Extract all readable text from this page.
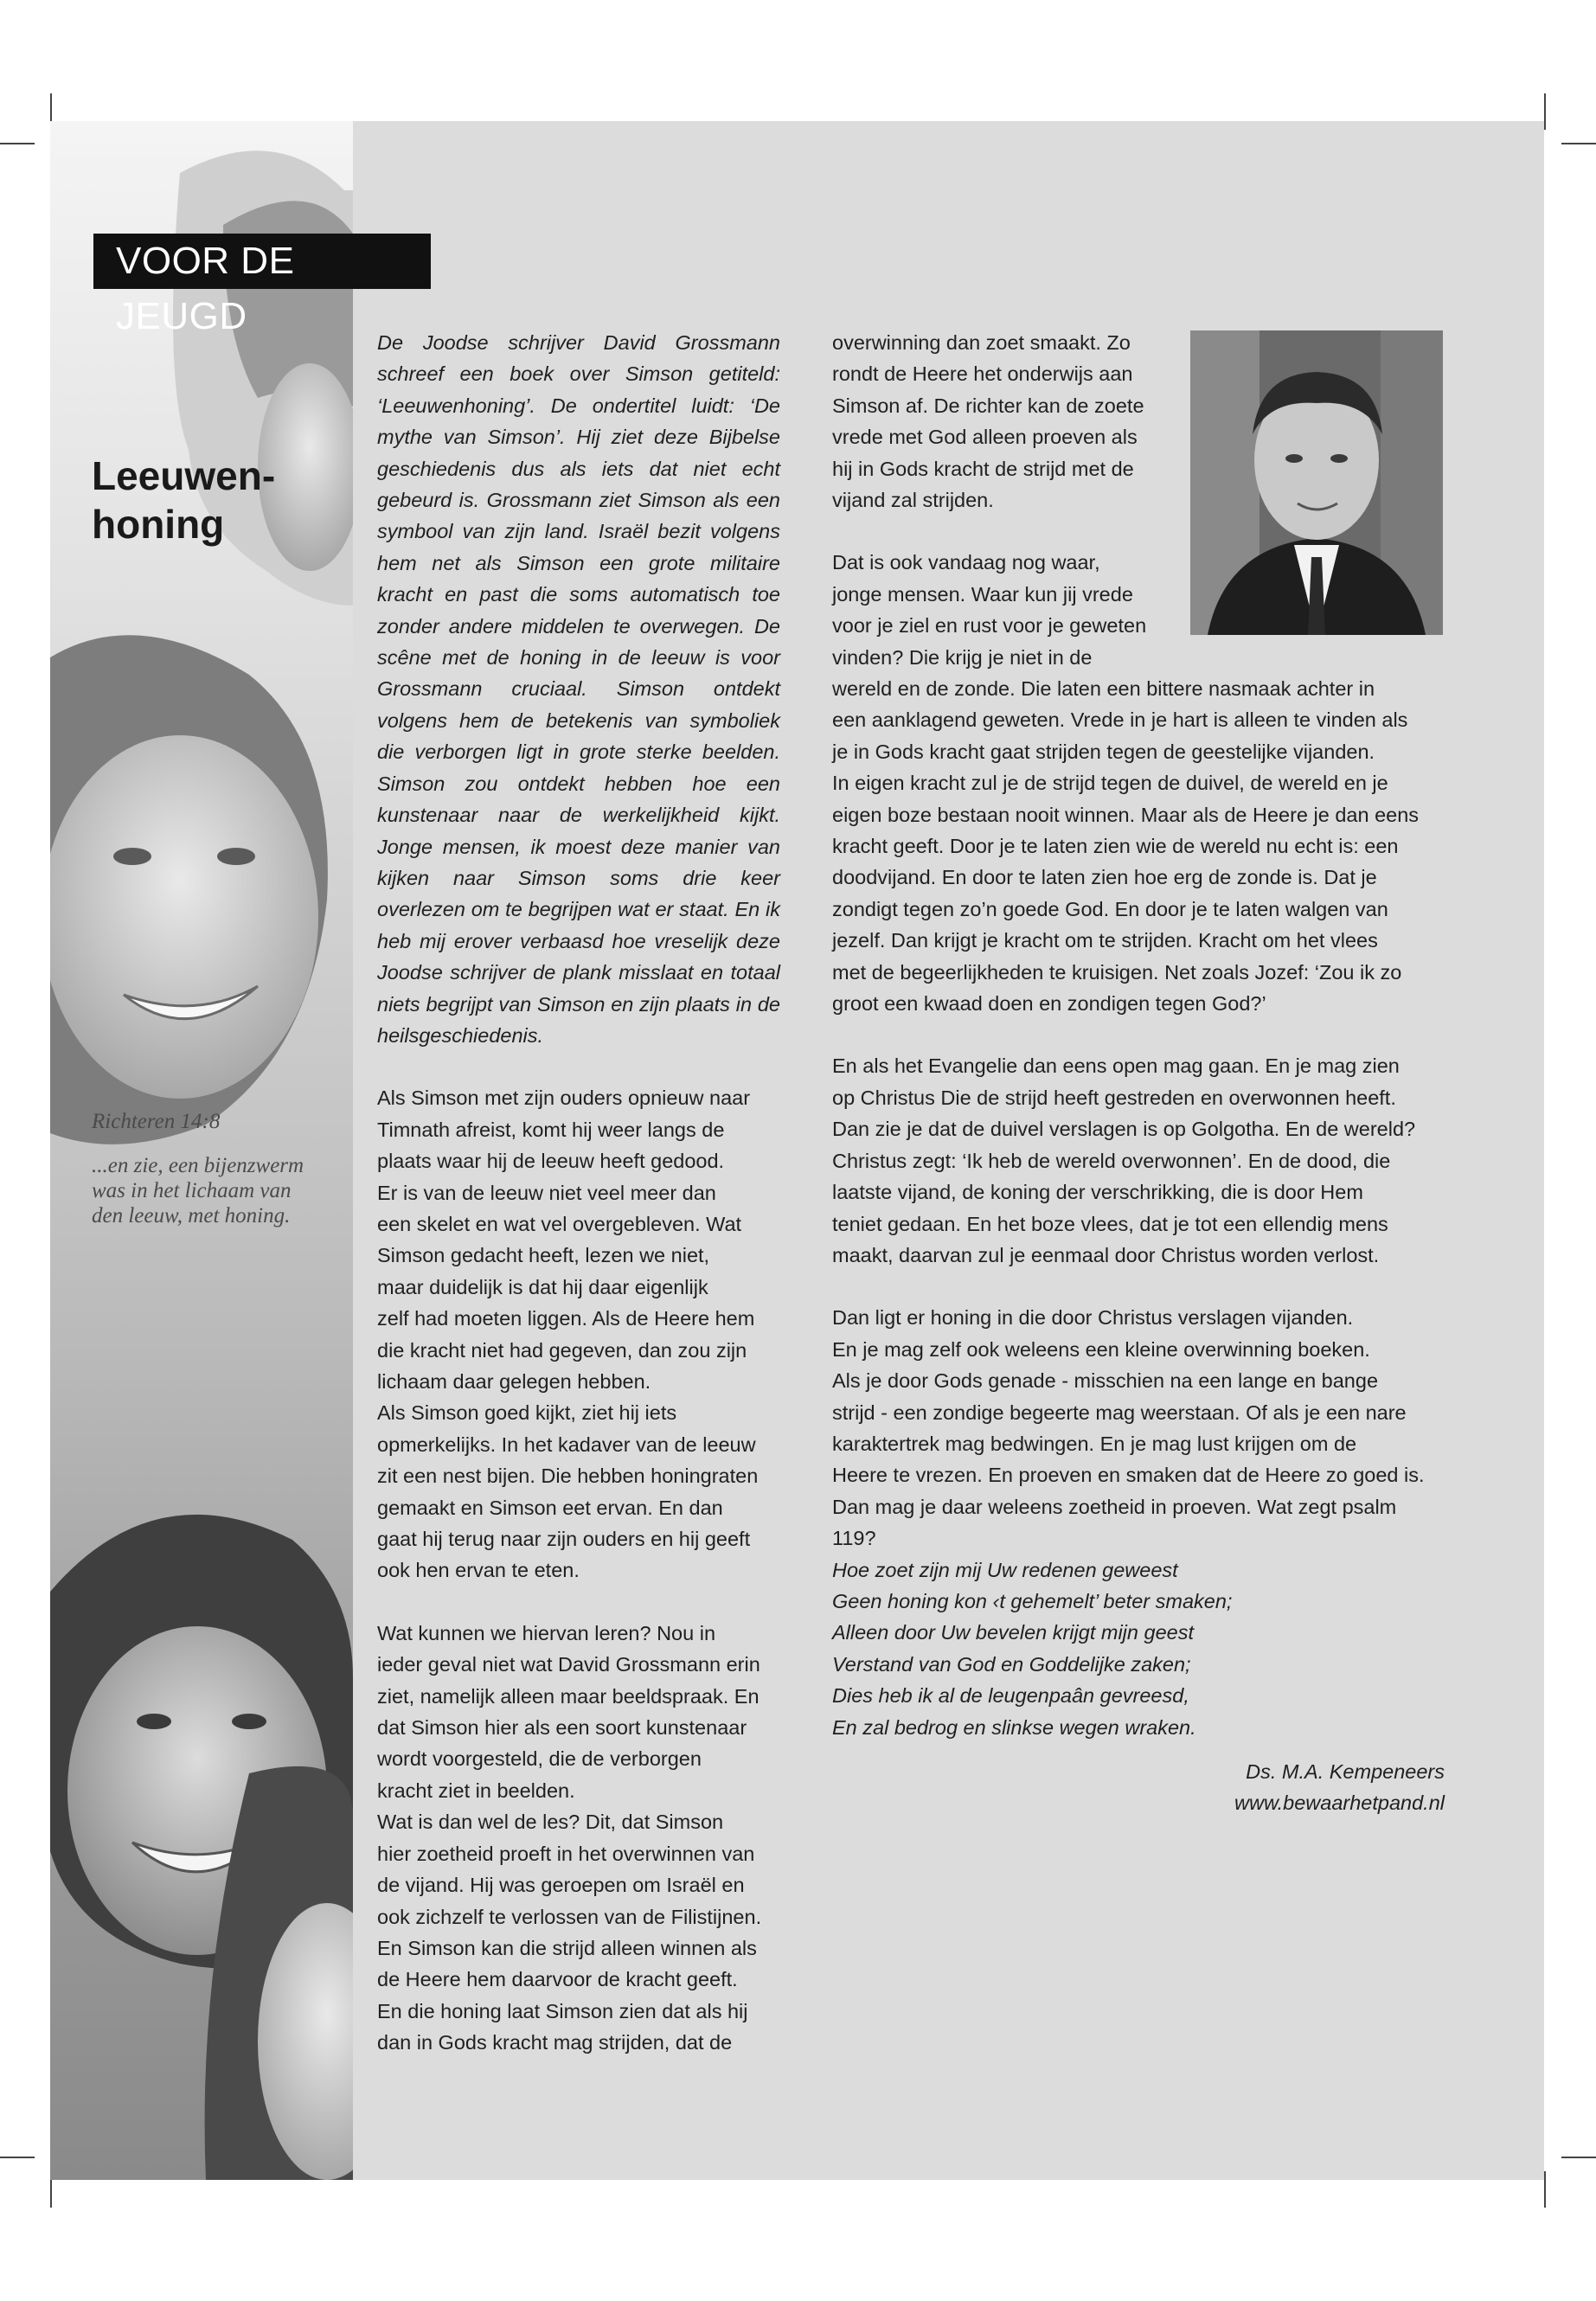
VOOR DE JEUGD
Leeuwen-
honing

Richteren 14:8

...en zie, een bijenzwerm was in het lichaam van den leeuw, met honing.

De Joodse schrijver David Grossmann schreef een boek over Simson getiteld: ‘Leeuwenhoning’. De ondertitel luidt: ‘De mythe van Simson’. Hij ziet deze Bijbelse geschiedenis dus als iets dat niet echt gebeurd is. Grossmann ziet Simson als een symbool van zijn land. Israël bezit volgens hem net als Simson een grote militaire kracht en past die soms automatisch toe zonder andere middelen te overwegen. De scêne met de honing in de leeuw is voor Grossmann cruciaal. Simson ontdekt volgens hem de betekenis van symboliek die verborgen ligt in grote sterke beelden. Simson zou ontdekt hebben hoe een kunstenaar naar de werkelijkheid kijkt. Jonge mensen, ik moest deze manier van kijken naar Simson soms drie keer overlezen om te begrijpen wat er staat. En ik heb mij erover verbaasd hoe vreselijk deze Joodse schrijver de plank misslaat en totaal niets begrijpt van Simson en zijn plaats in de heilsgeschiedenis.

Als Simson met zijn ouders opnieuw naar
Timnath afreist, komt hij weer langs de
plaats waar hij de leeuw heeft gedood.
Er is van de leeuw niet veel meer dan
een skelet en wat vel overgebleven. Wat
Simson gedacht heeft, lezen we niet,
maar duidelijk is dat hij daar eigenlijk
zelf had moeten liggen. Als de Heere hem
die kracht niet had gegeven, dan zou zijn
lichaam daar gelegen hebben.
Als Simson goed kijkt, ziet hij iets
opmerkelijks. In het kadaver van de leeuw
zit een nest bijen. Die hebben honingraten
gemaakt en Simson eet ervan. En dan
gaat hij terug naar zijn ouders en hij geeft
ook hen ervan te eten.
Wat kunnen we hiervan leren? Nou in
ieder geval niet wat David Grossmann erin
ziet, namelijk alleen maar beeldspraak. En
dat Simson hier als een soort kunstenaar
wordt voorgesteld, die de verborgen
kracht ziet in beelden.
Wat is dan wel de les? Dit, dat Simson
hier zoetheid proeft in het overwinnen van
de vijand. Hij was geroepen om Israël en
ook zichzelf te verlossen van de Filistijnen.
En Simson kan die strijd alleen winnen als
de Heere hem daarvoor de kracht geeft.
En die honing laat Simson zien dat als hij
dan in Gods kracht mag strijden, dat de
overwinning dan zoet smaakt. Zo
rondt de Heere het onderwijs aan
Simson af. De richter kan de zoete
vrede met God alleen proeven als
hij in Gods kracht de strijd met de
vijand zal strijden.
Dat is ook vandaag nog waar,
jonge mensen. Waar kun jij vrede
voor je ziel en rust voor je geweten
vinden? Die krijg je niet in de
wereld en de zonde. Die laten een bittere nasmaak achter in
een aanklagend geweten. Vrede in je hart is alleen te vinden als
je in Gods kracht gaat strijden tegen de geestelijke vijanden.
In eigen kracht zul je de strijd tegen de duivel, de wereld en je
eigen boze bestaan nooit winnen. Maar als de Heere je dan eens
kracht geeft. Door je te laten zien wie de wereld nu echt is: een
doodvijand. En door te laten zien hoe erg de zonde is. Dat je
zondigt tegen zo’n goede God. En door je te laten walgen van
jezelf. Dan krijgt je kracht om te strijden. Kracht om het vlees
met de begeerlijkheden te kruisigen. Net zoals Jozef: ‘Zou ik zo
groot een kwaad doen en zondigen tegen God?’
En als het Evangelie dan eens open mag gaan. En je mag zien
op Christus Die de strijd heeft gestreden en overwonnen heeft.
Dan zie je dat de duivel verslagen is op Golgotha. En de wereld?
Christus zegt: ‘Ik heb de wereld overwonnen’. En de dood, die
laatste vijand, de koning der verschrikking, die is door Hem
teniet gedaan. En het boze vlees, dat je tot een ellendig mens
maakt, daarvan zul je eenmaal door Christus worden verlost.
Dan ligt er honing in die door Christus verslagen vijanden.
En je mag zelf ook weleens een kleine overwinning boeken.
Als je door Gods genade - misschien na een lange en bange
strijd - een zondige begeerte mag weerstaan. Of als je een nare
karaktertrek mag bedwingen. En je mag lust krijgen om de
Heere te vrezen. En proeven en smaken dat de Heere zo goed is.
Dan mag je daar weleens zoetheid in proeven. Wat zegt psalm
119?
Hoe zoet zijn mij Uw redenen geweest
Geen honing kon ‹t gehemelt’ beter smaken;
Alleen door Uw bevelen krijgt mijn geest
Verstand van God en Goddelijke zaken;
Dies heb ik al de leugenpaân gevreesd,
En zal bedrog en slinkse wegen wraken.
Ds. M.A. Kempeneers
www.bewaarhetpand.nl
